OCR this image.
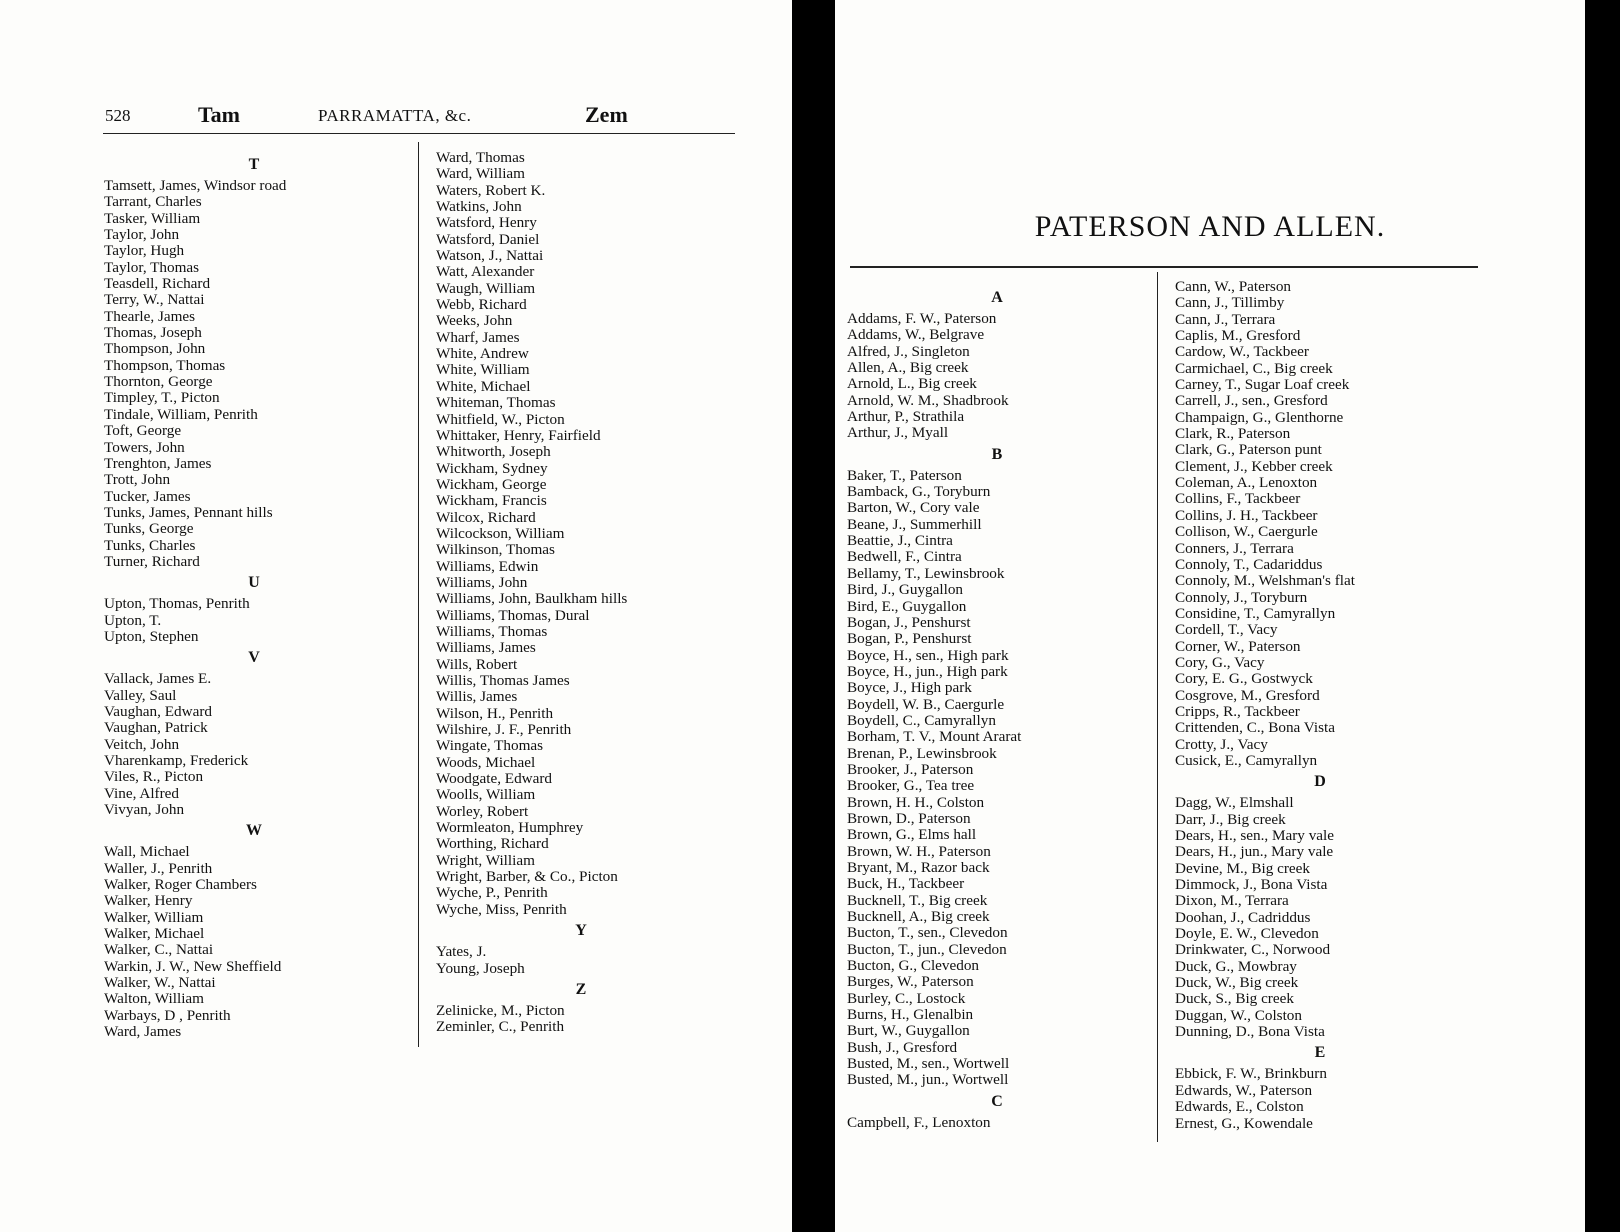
528	Tam	PARRAMATTA, &c.	Zem
T
Tamsett, James, Windsor road
Tarrant, Charles
Tasker, William
Taylor, John
Taylor, Hugh
Taylor, Thomas
Teasdell, Richard
Terry, W., Nattai
Thearle, James
Thomas, Joseph
Thompson, John
Thompson, Thomas
Thornton, George
Timpley, T., Picton
Tindale, William, Penrith
Toft, George
Towers, John
Trenghton, James
Trott, John
Tucker, James
Tunks, James, Pennant hills
Tunks, George
Tunks, Charles
Turner, Richard
U
Upton, Thomas, Penrith
Upton, T.
Upton, Stephen
V
Vallack, James E.
Valley, Saul
Vaughan, Edward
Vaughan, Patrick
Veitch, John
Vharenkamp, Frederick
Viles, R., Picton
Vine, Alfred
Vivyan, John
W
Wall, Michael
Waller, J., Penrith
Walker, Roger Chambers
Walker, Henry
Walker, William
Walker, Michael
Walker, C., Nattai
Warkin, J. W., New Sheffield
Walker, W., Nattai
Walton, William
Warbays, D , Penrith
Ward, James
Ward, Thomas
Ward, William
Waters, Robert K.
Watkins, John
Watsford, Henry
Watsford, Daniel
Watson, J., Nattai
Watt, Alexander
Waugh, William
Webb, Richard
Weeks, John
Wharf, James
White, Andrew
White, William
White, Michael
Whiteman, Thomas
Whitfield, W., Picton
Whittaker, Henry, Fairfield
Whitworth, Joseph
Wickham, Sydney
Wickham, George
Wickham, Francis
Wilcox, Richard
Wilcockson, William
Wilkinson, Thomas
Williams, Edwin
Williams, John
Williams, John, Baulkham hills
Williams, Thomas, Dural
Williams, Thomas
Williams, James
Wills, Robert
Willis, Thomas James
Willis, James
Wilson, H., Penrith
Wilshire, J. F., Penrith
Wingate, Thomas
Woods, Michael
Woodgate, Edward
Woolls, William
Worley, Robert
Wormleaton, Humphrey
Worthing, Richard
Wright, William
Wright, Barber, & Co., Picton
Wyche, P., Penrith
Wyche, Miss, Penrith
Y
Yates, J.
Young, Joseph
Z
Zelinicke, M., Picton
Zeminler, C., Penrith
PATERSON AND ALLEN.
A
Addams, F. W., Paterson
Addams, W., Belgrave
Alfred, J., Singleton
Allen, A., Big creek
Arnold, L., Big creek
Arnold, W. M., Shadbrook
Arthur, P., Strathila
Arthur, J., Myall
B
Baker, T., Paterson
Bamback, G., Toryburn
Barton, W., Cory vale
Beane, J., Summerhill
Beattie, J., Cintra
Bedwell, F., Cintra
Bellamy, T., Lewinsbrook
Bird, J., Guygallon
Bird, E., Guygallon
Bogan, J., Penshurst
Bogan, P., Penshurst
Boyce, H., sen., High park
Boyce, H., jun., High park
Boyce, J., High park
Boydell, W. B., Caergurle
Boydell, C., Camyrallyn
Borham, T. V., Mount Ararat
Brenan, P., Lewinsbrook
Brooker, J., Paterson
Brooker, G., Tea tree
Brown, H. H., Colston
Brown, D., Paterson
Brown, G., Elms hall
Brown, W. H., Paterson
Bryant, M., Razor back
Buck, H., Tackbeer
Bucknell, T., Big creek
Bucknell, A., Big creek
Bucton, T., sen., Clevedon
Bucton, T., jun., Clevedon
Bucton, G., Clevedon
Burges, W., Paterson
Burley, C., Lostock
Burns, H., Glenalbin
Burt, W., Guygallon
Bush, J., Gresford
Busted, M., sen., Wortwell
Busted, M., jun., Wortwell
C
Campbell, F., Lenoxton
Cann, W., Paterson
Cann, J., Tillimby
Cann, J., Terrara
Caplis, M., Gresford
Cardow, W., Tackbeer
Carmichael, C., Big creek
Carney, T., Sugar Loaf creek
Carrell, J., sen., Gresford
Champaign, G., Glenthorne
Clark, R., Paterson
Clark, G., Paterson punt
Clement, J., Kebber creek
Coleman, A., Lenoxton
Collins, F., Tackbeer
Collins, J. H., Tackbeer
Collison, W., Caergurle
Conners, J., Terrara
Connoly, T., Cadariddus
Connoly, M., Welshman's flat
Connoly, J., Toryburn
Considine, T., Camyrallyn
Cordell, T., Vacy
Corner, W., Paterson
Cory, G., Vacy
Cory, E. G., Gostwyck
Cosgrove, M., Gresford
Cripps, R., Tackbeer
Crittenden, C., Bona Vista
Crotty, J., Vacy
Cusick, E., Camyrallyn
D
Dagg, W., Elmshall
Darr, J., Big creek
Dears, H., sen., Mary vale
Dears, H., jun., Mary vale
Devine, M., Big creek
Dimmock, J., Bona Vista
Dixon, M., Terrara
Doohan, J., Cadriddus
Doyle, E. W., Clevedon
Drinkwater, C., Norwood
Duck, G., Mowbray
Duck, W., Big creek
Duck, S., Big creek
Duggan, W., Colston
Dunning, D., Bona Vista
E
Ebbick, F. W., Brinkburn
Edwards, W., Paterson
Edwards, E., Colston
Ernest, G., Kowendale
